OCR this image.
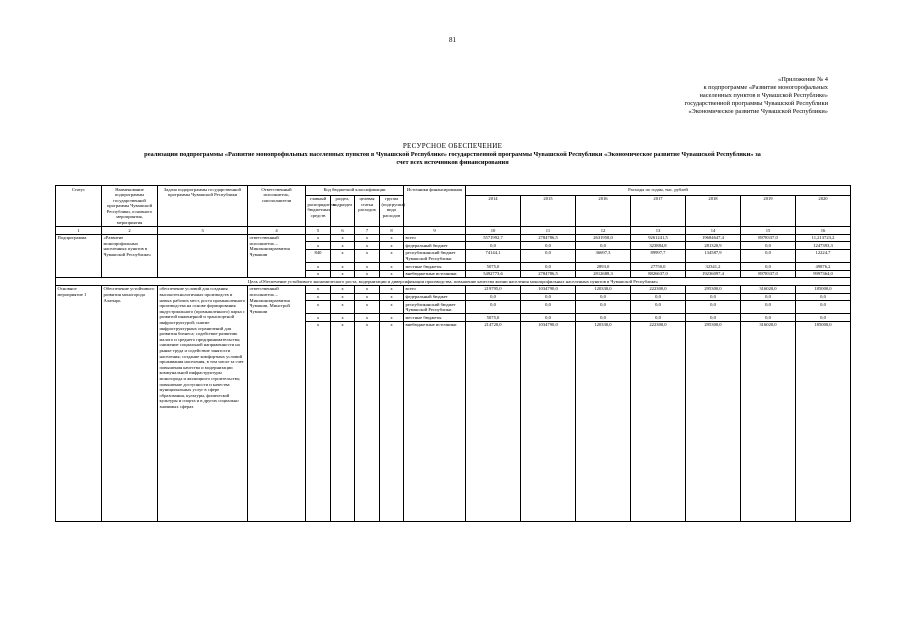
81
«Приложение № 4
к подпрограмме «Развитие моногорофальных
населенных пунктов в Чувашской Республике»
государственной программы Чувашской Республики
«Экономическое развитие Чувашской Республики»
РЕСУРСНОЕ ОБЕСПЕЧЕНИЕ
реализации подпрограммы «Развитие монопрофильных населенных пунктов в Чувашской Республике» государственной программы Чувашской Республики «Экономическое развитие Чувашской Республики» за
счет всех источников финансирования
Статус	Наименование подпрограммы государственной программы Чувашской Республики, основного мероприятия, мероприятия	Задача подпрограммы государственной программы Чувашской Республики	Ответственный исполнитель, соисполнители	Код бюджетной классификации				Источники финансирования	Расходы по годам, тыс. рублей						
				главный распорядитель бюджетных средств	раздел, подраздел	целевая статья расходов	группа (подгруппа) вида расходов		2014	2015	2016	2017	2018	2019	2020
1	2	3	4	5	6	7	8	9	10	11	12	13	14	15	16
Подпрограмма	«Развитие монопрофильных населенных пунктов в Чувашской Республике»		ответственный исполнитель – Минэкономразвития Чувашии	x	x	x	x	всего	5571992,7	2784786,5	2631958,0	9261241,5	19684647,4	8978337,0	11,213723,2
				x	x	x	x	федеральный бюджет	0,0	0,0	0,0	323884,8	281320,9	0,0	1247393,3
				840	x	x	x	республиканский бюджет Чувашской Республики	74144,1	0,0	36697,3	89997,7	134587,9	0,0	12224,7
				x	x	x	x	местные бюджеты	5075,0	0,0	2893,0	27750,0	32341,2	0,0	49876,2
				x	x	x	x	внебюджетные источники	5492773,6	2784786,5	2812688,3	8826637,0	19236097,4	8978337,0	9997364,0
Цель «Обеспечение устойчивого экономического роста, модернизации и диверсификации производства, повышение качества жизни населения монопрофильных населенных пунктов в Чувашской Республике»															
Основное мероприятие 1	Обеспечение устойчивого развития моногорода Алатырь	обеспечение условий для создания высокотехнологичных производств и новых рабочих мест, роста промышленного производства на основе формирования индустриального (промышленного) парка с развитой инженерной и транспортной инфраструктурой; снятие инфраструктурных ограничений для развития бизнеса; содействие развитию малого и среднего предпринимательства; снижение социальной напряженности на рынке труда и содействие занятости населения; создание комфортных условий проживания населения, в том числе за счет повышения качества и модернизации коммунальной инфраструктуры моногорода и жилищного строительства; повышение доступности и качества муниципальных услуг в сфере образования, культуры, физической культуры и спорта и в других социально значимых сферах	ответственный исполнитель – Минэкономразвития Чувашии, Минстрой Чувашии	x	x	x	x	всего	219795,0	1034790,0	120330,0	222300,0	295300,0	316020,0	185000,0
				x	x	x	x	федеральный бюджет	0,0	0,0	0,0	0,0	0,0	0,0	0,0
				x	x	x	x	республиканский бюджет Чувашской Республики	0,0	0,0	0,0	0,0	0,0	0,0	0,0
				x	x	x	x	местные бюджеты	5075,0	0,0	0,0	0,0	0,0	0,0	0,0
				x	x	x	x	внебюджетные источники	214720,0	1034790,0	120330,0	222300,0	295300,0	316020,0	185000,0
